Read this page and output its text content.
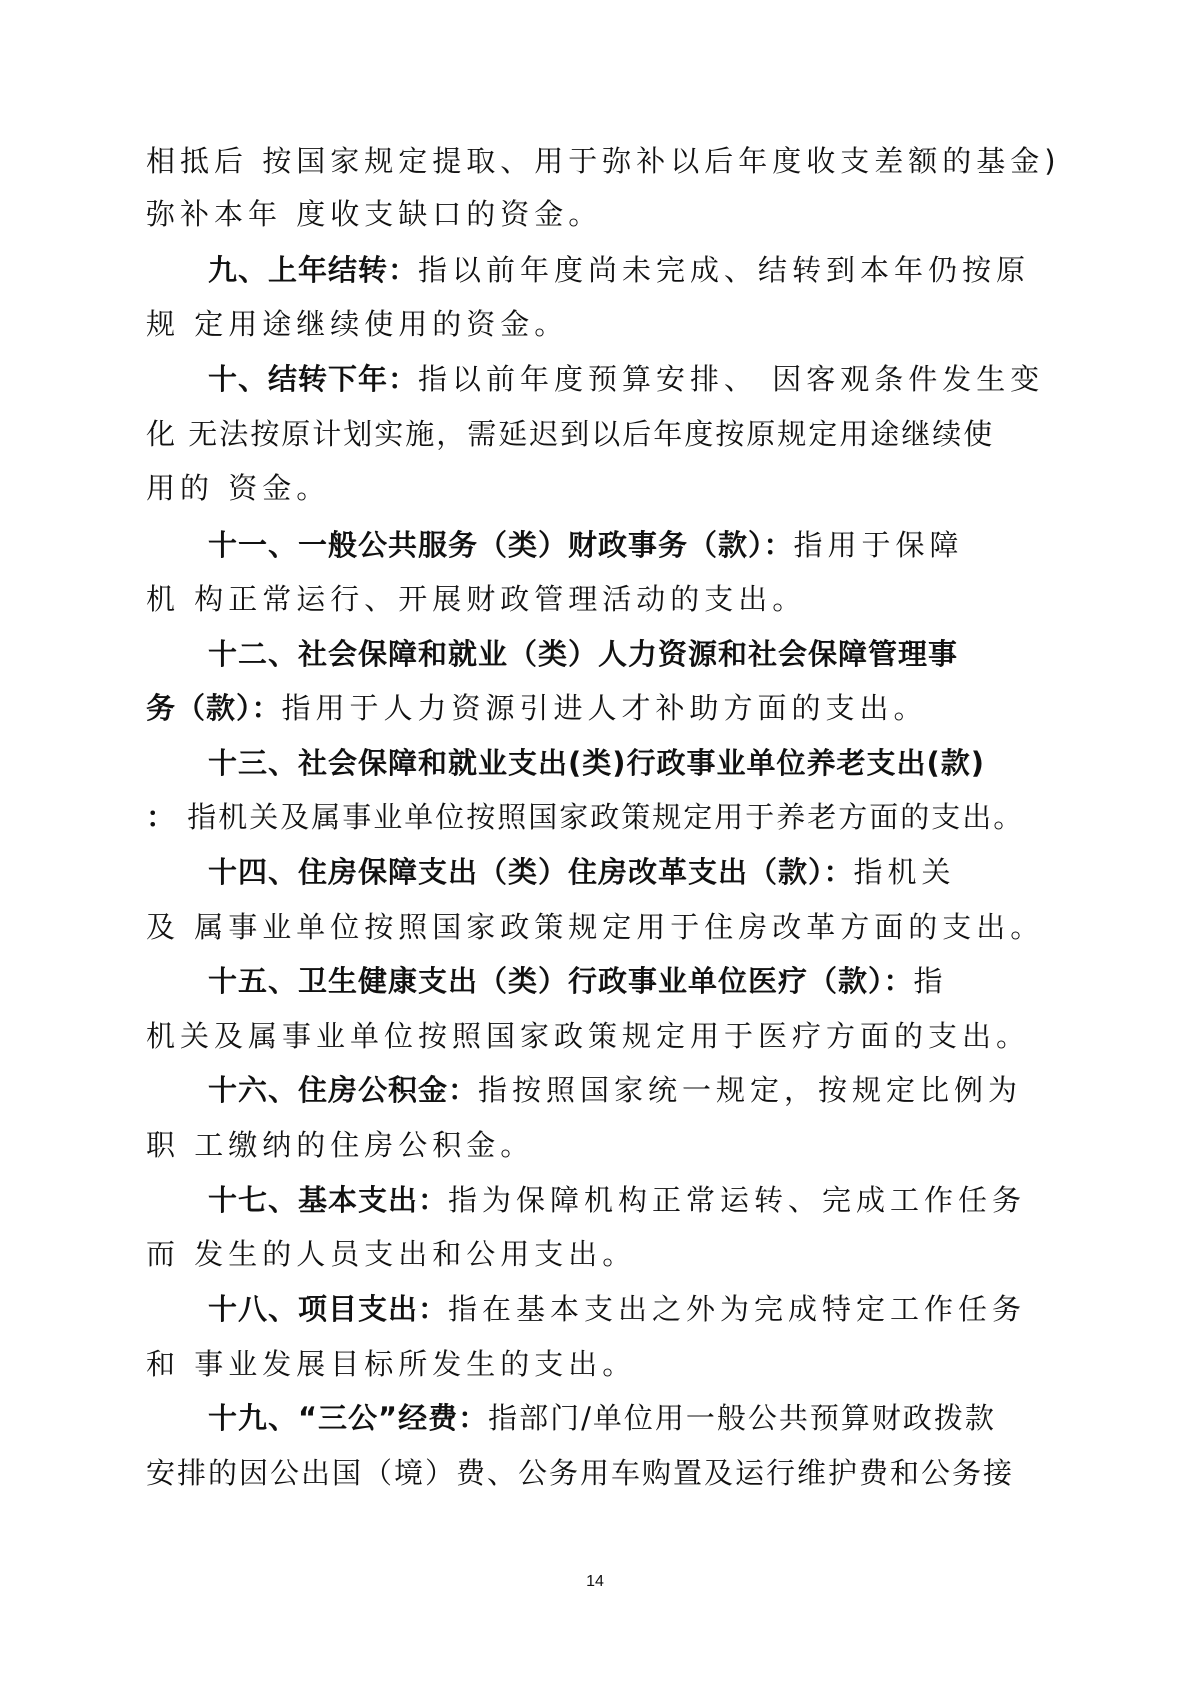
相抵后 按国家规定提取、用于弥补以后年度收支差额的基金)
弥补本年 度收支缺口的资金。
九、上年结转：指以前年度尚未完成、结转到本年仍按原
规 定用途继续使用的资金。
十、结转下年：指以前年度预算安排、 因客观条件发生变
化 无法按原计划实施，需延迟到以后年度按原规定用途继续使
用的 资金。
十一、一般公共服务（类）财政事务（款）：指用于保障
机 构正常运行、开展财政管理活动的支出。
十二、社会保障和就业（类）人力资源和社会保障管理事
务（款）：指用于人力资源引进人才补助方面的支出。
十三、社会保障和就业支出(类)行政事业单位养老支出(款)
： 指机关及属事业单位按照国家政策规定用于养老方面的支出。
十四、住房保障支出（类）住房改革支出（款）：指机关
及 属事业单位按照国家政策规定用于住房改革方面的支出。
十五、卫生健康支出（类）行政事业单位医疗（款）：指
机关及属事业单位按照国家政策规定用于医疗方面的支出。
十六、住房公积金：指按照国家统一规定，按规定比例为
职 工缴纳的住房公积金。
十七、基本支出：指为保障机构正常运转、完成工作任务
而 发生的人员支出和公用支出。
十八、项目支出：指在基本支出之外为完成特定工作任务
和 事业发展目标所发生的支出。
十九、“三公”经费：指部门/单位用一般公共预算财政拨款
安排的因公出国（境）费、公务用车购置及运行维护费和公务接
14
